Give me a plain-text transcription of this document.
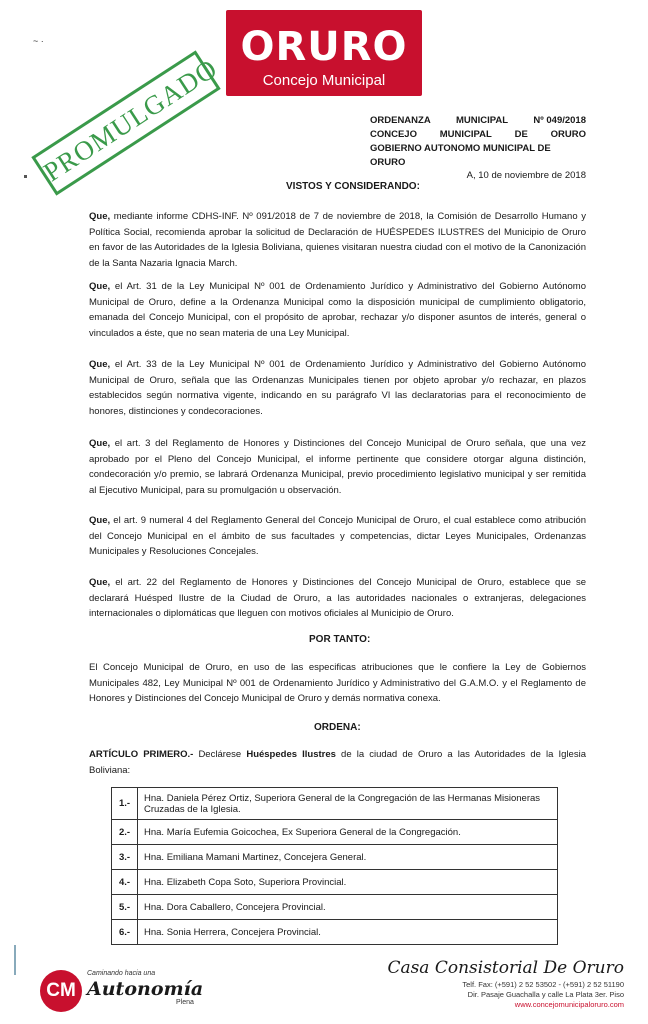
~ ·	ORURO
Concejo Municipal
PROMULGADO	ORDENANZA	MUNICIPAL	Nº 049/2018
CONCEJO MUNICIPAL DE ORURO
GOBIERNO AUTONOMO MUNICIPAL DE ORURO
A, 10 de noviembre de 2018
VISTOS Y CONSIDERANDO:
Que, mediante informe CDHS-INF. Nº 091/2018 de 7 de noviembre de 2018, la Comisión de Desarrollo Humano y Política Social, recomienda aprobar la solicitud de Declaración de HUÉSPEDES ILUSTRES del Municipio de Oruro en favor de las Autoridades de la Iglesia Boliviana, quienes visitaran nuestra ciudad con el motivo de la Canonización de la Santa Nazaria Ignacia March.
Que, el Art. 31 de la Ley Municipal Nº 001 de Ordenamiento Jurídico y Administrativo del Gobierno Autónomo Municipal de Oruro, define a la Ordenanza Municipal como la disposición municipal de cumplimiento obligatorio, emanada del Concejo Municipal, con el propósito de aprobar, rechazar y/o disponer asuntos de interés, general o vinculados a éste, que no sean materia de una Ley Municipal.
Que, el Art. 33 de la Ley Municipal Nº 001 de Ordenamiento Jurídico y Administrativo del Gobierno Autónomo Municipal de Oruro, señala que las Ordenanzas Municipales tienen por objeto aprobar y/o rechazar, en plazos establecidos según normativa vigente, indicando en su parágrafo VI las declaratorias para el reconocimiento de honores, distinciones y condecoraciones.
Que, el art. 3 del Reglamento de Honores y Distinciones del Concejo Municipal de Oruro señala, que una vez aprobado por el Pleno del Concejo Municipal, el informe pertinente que considere otorgar alguna distinción, condecoración y/o premio, se labrará Ordenanza Municipal, previo procedimiento legislativo municipal y ser remitida al Ejecutivo Municipal, para su promulgación u observación.
Que, el art. 9 numeral 4 del Reglamento General del Concejo Municipal de Oruro, el cual establece como atribución del Concejo Municipal en el ámbito de sus facultades y competencias, dictar Leyes Municipales, Ordenanzas Municipales y Resoluciones Concejales.
Que, el art. 22 del Reglamento de Honores y Distinciones del Concejo Municipal de Oruro, establece que se declarará Huésped Ilustre de la Ciudad de Oruro, a las autoridades nacionales o extranjeras, delegaciones internacionales o diplomáticas que lleguen con motivos oficiales al Municipio de Oruro.
POR TANTO:
El Concejo Municipal de Oruro, en uso de las especificas atribuciones que le confiere la Ley de Gobiernos Municipales 482, Ley Municipal Nº 001 de Ordenamiento Jurídico y Administrativo del G.A.M.O. y el Reglamento de Honores y Distinciones del Concejo Municipal de Oruro y demás normativa conexa.
ORDENA:
ARTÍCULO PRIMERO.- Declárese Huéspedes Ilustres de la ciudad de Oruro a las Autoridades de la Iglesia Boliviana:
1.-	Hna. Daniela Pérez Ortiz, Superiora General de la Congregación de las Hermanas Misioneras Cruzadas de la Iglesia.
2.-	Hna. María Eufemia Goicochea, Ex Superiora General de la Congregación.
3.-	Hna. Emiliana Mamani Martinez, Concejera General.
4.-	Hna. Elizabeth Copa Soto, Superiora Provincial.
5.-	Hna. Dora Caballero, Concejera Provincial.
6.-	Hna. Sonia Herrera, Concejera Provincial.
CM
Caminando hacia una
Autonomía
Plena
Casa Consistorial De Oruro
Telf. Fax: (+591) 2 52 53502 - (+591) 2 52 51190
Dir. Pasaje Guachalla y calle La Plata 3er. Piso
www.concejomunicipaloruro.com
